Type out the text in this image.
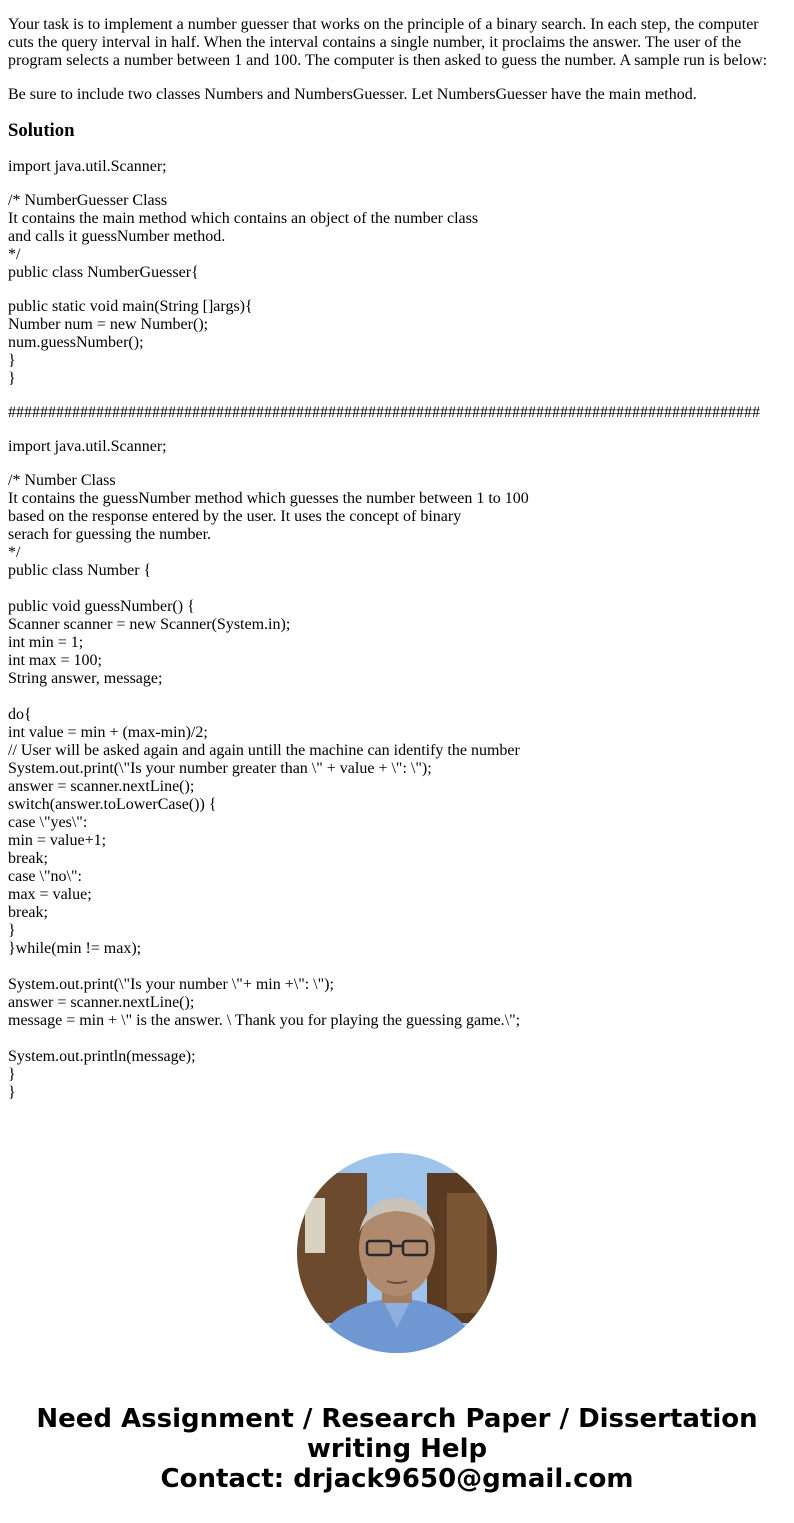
Your task is to implement a number guesser that works on the principle of a binary search. In each step, the computer cuts the query interval in half. When the interval contains a single number, it proclaims the answer. The user of the program selects a number between 1 and 100. The computer is then asked to guess the number. A sample run is below:

Be sure to include two classes Numbers and NumbersGuesser. Let NumbersGuesser have the main method.

Solution
import java.util.Scanner;
/* NumberGuesser Class
It contains the main method which contains an object of the number class
and calls it guessNumber method.
*/
public class NumberGuesser{
public static void main(String []args){
Number num = new Number();
num.guessNumber();
}
}
##############################################################################################
import java.util.Scanner;
/* Number Class
It contains the guessNumber method which guesses the number between 1 to 100
based on the response entered by the user. It uses the concept of binary
serach for guessing the number.
*/
public class Number {
public void guessNumber() {
Scanner scanner = new Scanner(System.in);
int min = 1;
int max = 100;
String answer, message;
do{
int value = min + (max-min)/2;
// User will be asked again and again untill the machine can identify the number
System.out.print(\"Is your number greater than \" + value + \": \");
answer = scanner.nextLine();
switch(answer.toLowerCase()) {
case \"yes\":
min = value+1;
break;
case \"no\":
max = value;
break;
}
}while(min != max);
System.out.print(\"Is your number \"+ min +\": \");
answer = scanner.nextLine();
message = min + \" is the answer. \ Thank you for playing the guessing game.\";
System.out.println(message);
}
}
Need Assignment / Research Paper / Dissertation
writing Help
Contact: drjack9650@gmail.com
